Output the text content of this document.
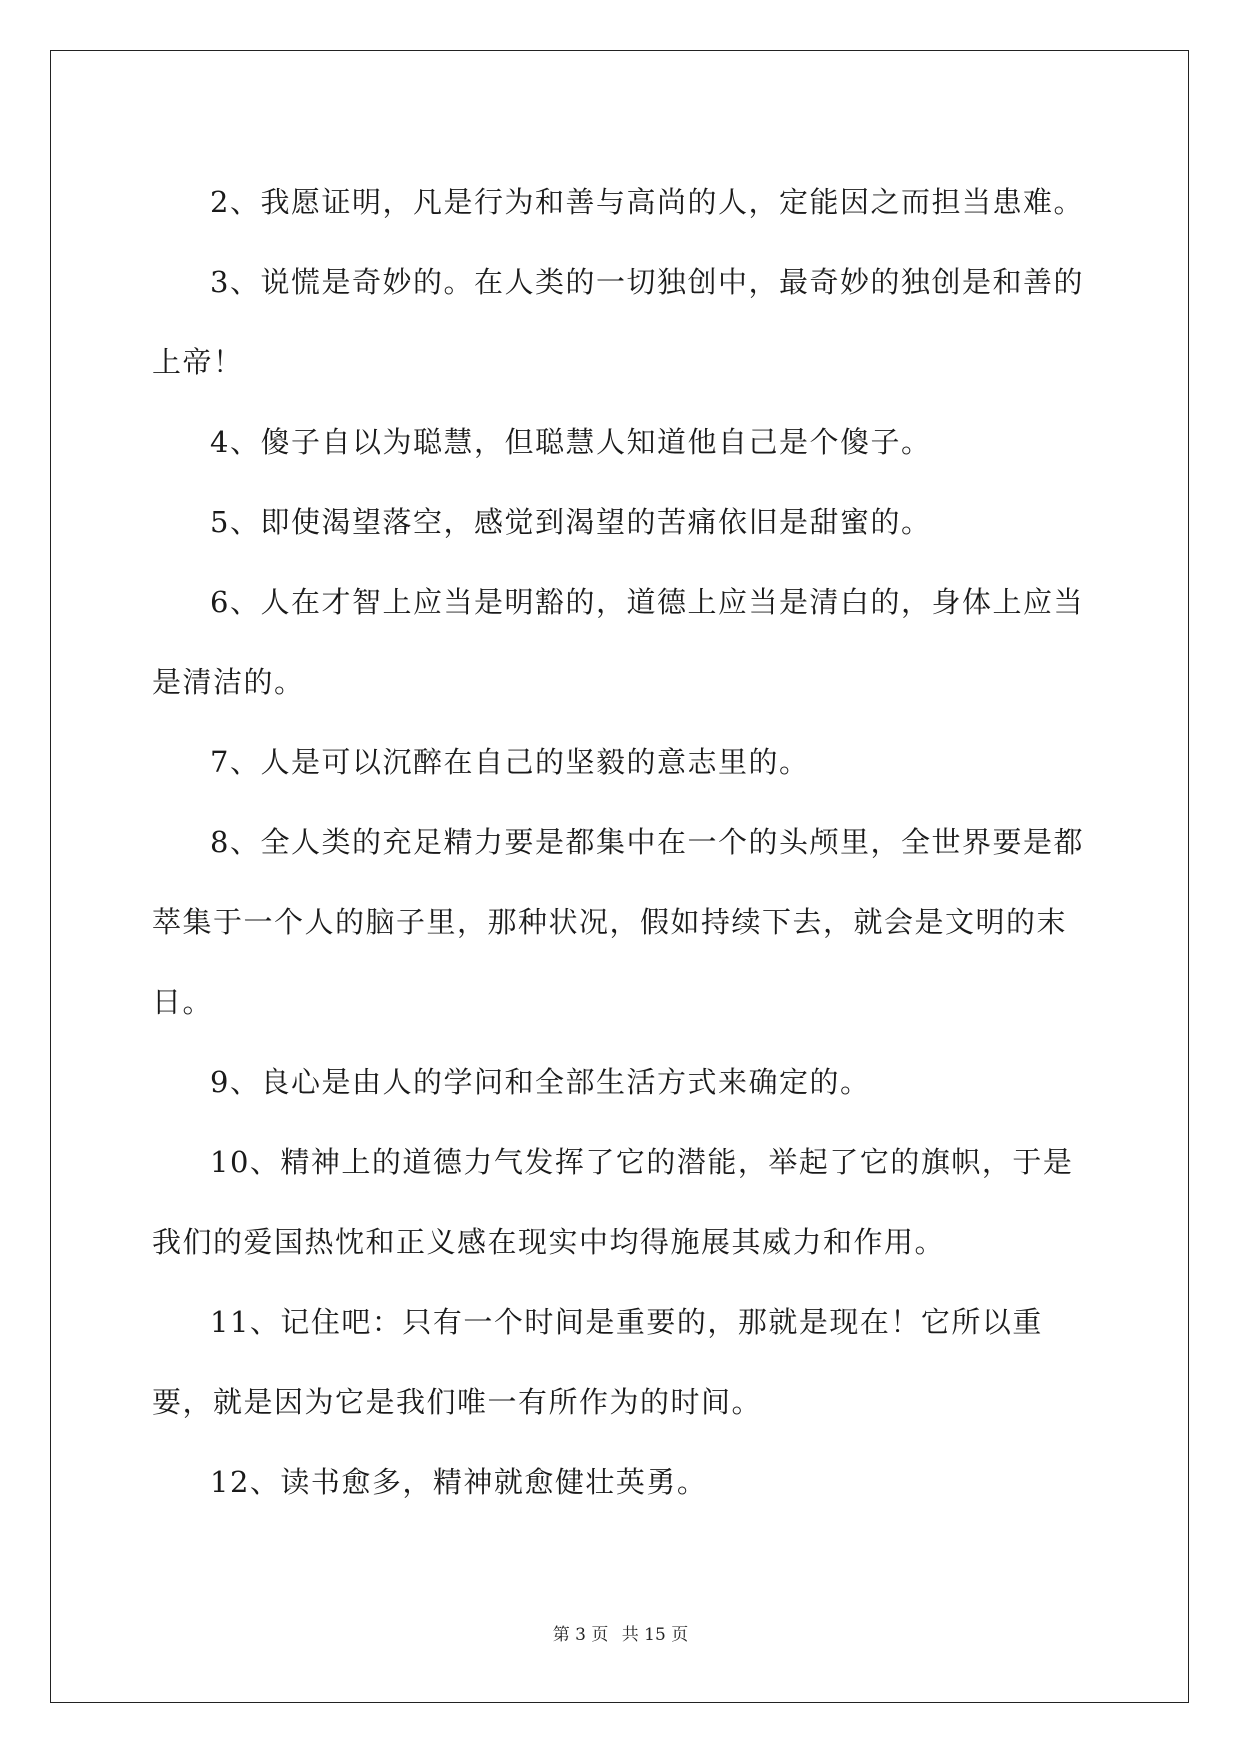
2、我愿证明，凡是行为和善与高尚的人，定能因之而担当患难。

3、说慌是奇妙的。在人类的一切独创中，最奇妙的独创是和善的上帝！

4、傻子自以为聪慧，但聪慧人知道他自己是个傻子。

5、即使渴望落空，感觉到渴望的苦痛依旧是甜蜜的。

6、人在才智上应当是明豁的，道德上应当是清白的，身体上应当是清洁的。

7、人是可以沉醉在自己的坚毅的意志里的。

8、全人类的充足精力要是都集中在一个的头颅里，全世界要是都萃集于一个人的脑子里，那种状况，假如持续下去，就会是文明的末日。

9、良心是由人的学问和全部生活方式来确定的。

10、精神上的道德力气发挥了它的潜能，举起了它的旗帜，于是我们的爱国热忱和正义感在现实中均得施展其威力和作用。

11、记住吧：只有一个时间是重要的，那就是现在！它所以重要，就是因为它是我们唯一有所作为的时间。

12、读书愈多，精神就愈健壮英勇。

第 3 页 共 15 页
